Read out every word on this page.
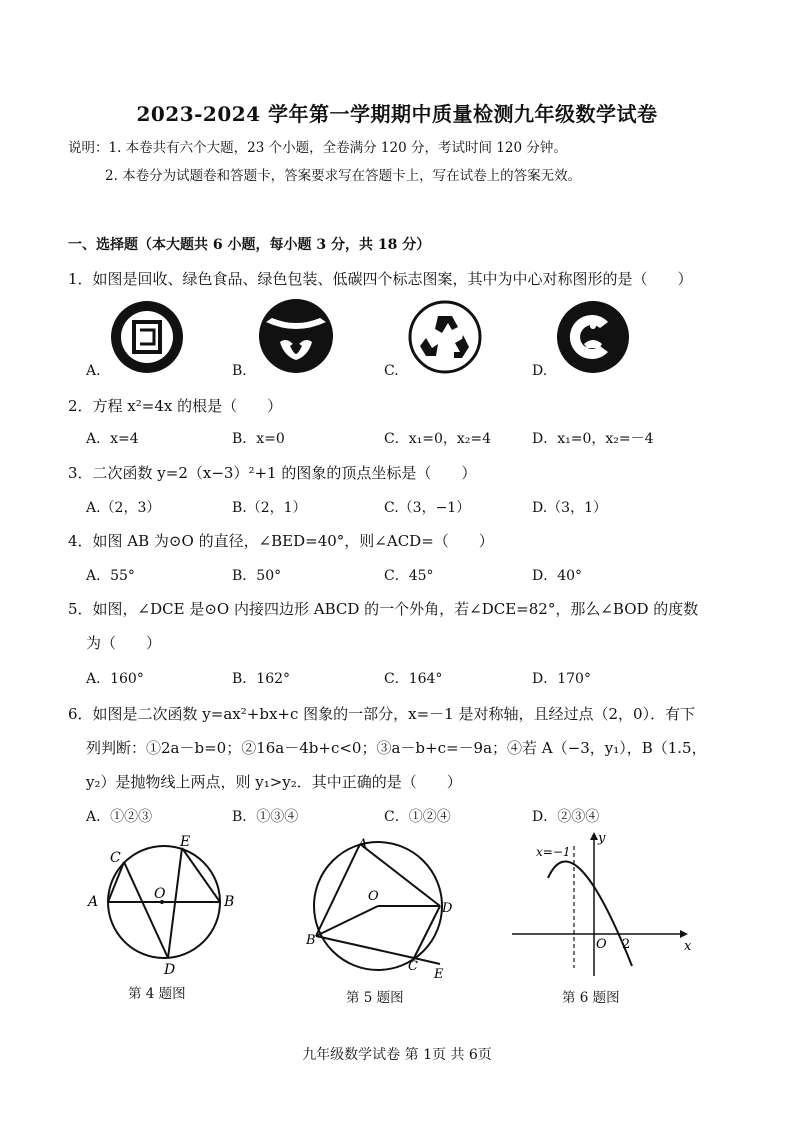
2023-2024 学年第一学期期中质量检测九年级数学试卷
说明：1. 本卷共有六个大题，23 个小题，全卷满分 120 分，考试时间 120 分钟。
2. 本卷分为试题卷和答题卡，答案要求写在答题卡上，写在试卷上的答案无效。
一、选择题（本大题共 6 小题，每小题 3 分，共 18 分）
1．如图是回收、绿色食品、绿色包装、低碳四个标志图案，其中为中心对称图形的是（　　）
A.	B.	C.	D.
2．方程 x²=4x 的根是（　　）
A．x=4	B．x=0	C．x₁=0，x₂=4	D．x₁=0，x₂=－4
3．二次函数 y=2（x−3）²+1 的图象的顶点坐标是（　　）
A.（2，3）	B.（2，1）	C.（3，−1）	D.（3，1）
4．如图 AB 为⊙O 的直径，∠BED=40°，则∠ACD=（　　）
A．55°	B．50°	C．45°	D．40°
5．如图，∠DCE 是⊙O 内接四边形 ABCD 的一个外角，若∠DCE=82°，那么∠BOD 的度数
为（　　）
A．160°	B．162°	C．164°	D．170°
6．如图是二次函数 y=ax²+bx+c 图象的一部分，x=－1 是对称轴，且经过点（2，0）．有下
列判断：①2a－b=0；②16a－4b+c<0；③a－b+c=－9a；④若 A（−3，y₁），B（1.5，
y₂）是抛物线上两点，则 y₁>y₂．其中正确的是（　　）
A．①②③	B．①③④	C．①②④	D．②③④
C
E
A	O	B
D
第 4 题图
A
O
D
B
C
E
第 5 题图
y
x
O 2
x=−1
第 6 题图
九年级数学试卷 第 1页 共 6页
